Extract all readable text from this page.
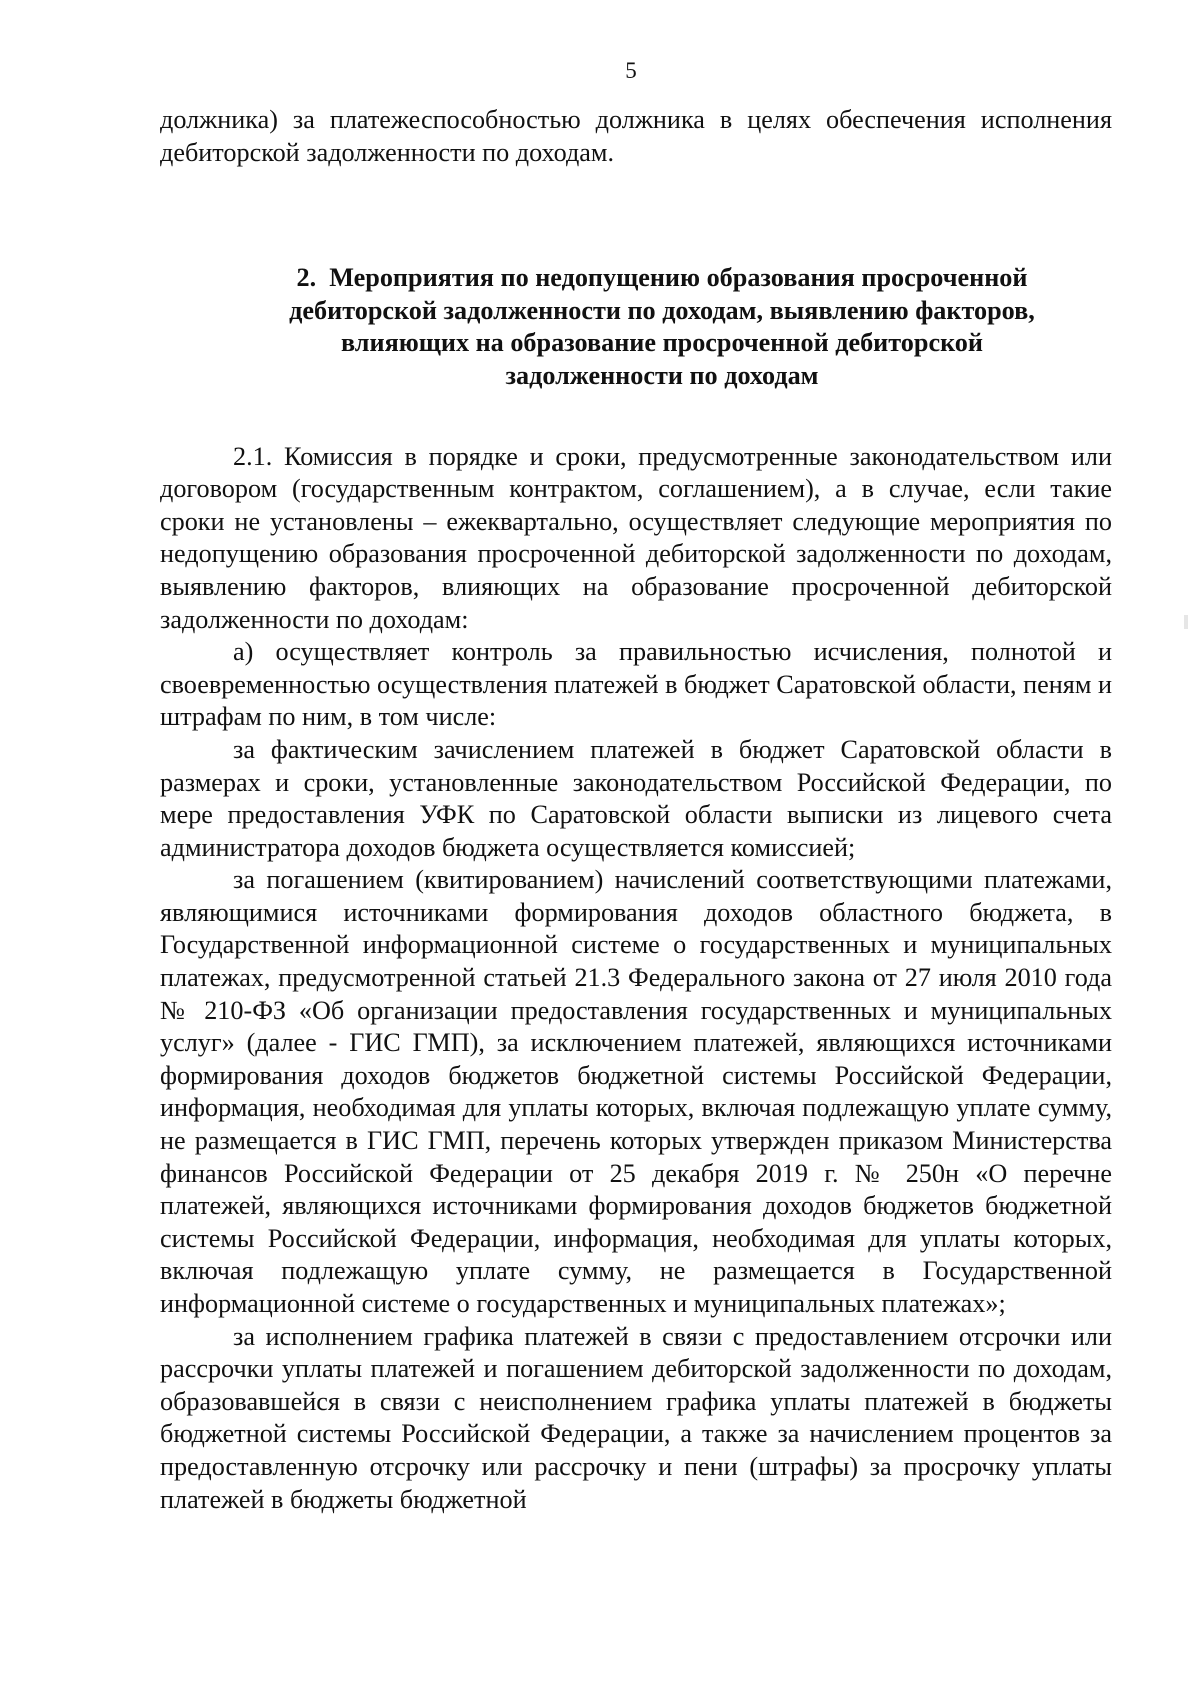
5

должника) за платежеспособностью должника в целях обеспечения исполнения дебиторской задолженности по доходам.

2. Мероприятия по недопущению образования просроченной
дебиторской задолженности по доходам, выявлению факторов,
влияющих на образование просроченной дебиторской
задолженности по доходам

2.1. Комиссия в порядке и сроки, предусмотренные законодательством или договором (государственным контрактом, соглашением), а в случае, если такие сроки не установлены – ежеквартально, осуществляет следующие мероприятия по недопущению образования просроченной дебиторской задолженности по доходам, выявлению факторов, влияющих на образование просроченной дебиторской задолженности по доходам:

а) осуществляет контроль за правильностью исчисления, полнотой и своевременностью осуществления платежей в бюджет Саратовской области, пеням и штрафам по ним, в том числе:

за фактическим зачислением платежей в бюджет Саратовской области в размерах и сроки, установленные законодательством Российской Федерации, по мере предоставления УФК по Саратовской области выписки из лицевого счета администратора доходов бюджета осуществляется комиссией;

за погашением (квитированием) начислений соответствующими платежами, являющимися источниками формирования доходов областного бюджета, в Государственной информационной системе о государственных и муниципальных платежах, предусмотренной статьей 21.3 Федерального закона от 27 июля 2010 года № 210-ФЗ «Об организации предоставления государственных и муниципальных услуг» (далее - ГИС ГМП), за исключением платежей, являющихся источниками формирования доходов бюджетов бюджетной системы Российской Федерации, информация, необходимая для уплаты которых, включая подлежащую уплате сумму, не размещается в ГИС ГМП, перечень которых утвержден приказом Министерства финансов Российской Федерации от 25 декабря 2019 г. № 250н «О перечне платежей, являющихся источниками формирования доходов бюджетов бюджетной системы Российской Федерации, информация, необходимая для уплаты которых, включая подлежащую уплате сумму, не размещается в Государственной информационной системе о государственных и муниципальных платежах»;

за исполнением графика платежей в связи с предоставлением отсрочки или рассрочки уплаты платежей и погашением дебиторской задолженности по доходам, образовавшейся в связи с неисполнением графика уплаты платежей в бюджеты бюджетной системы Российской Федерации, а также за начислением процентов за предоставленную отсрочку или рассрочку и пени (штрафы) за просрочку уплаты платежей в бюджеты бюджетной
